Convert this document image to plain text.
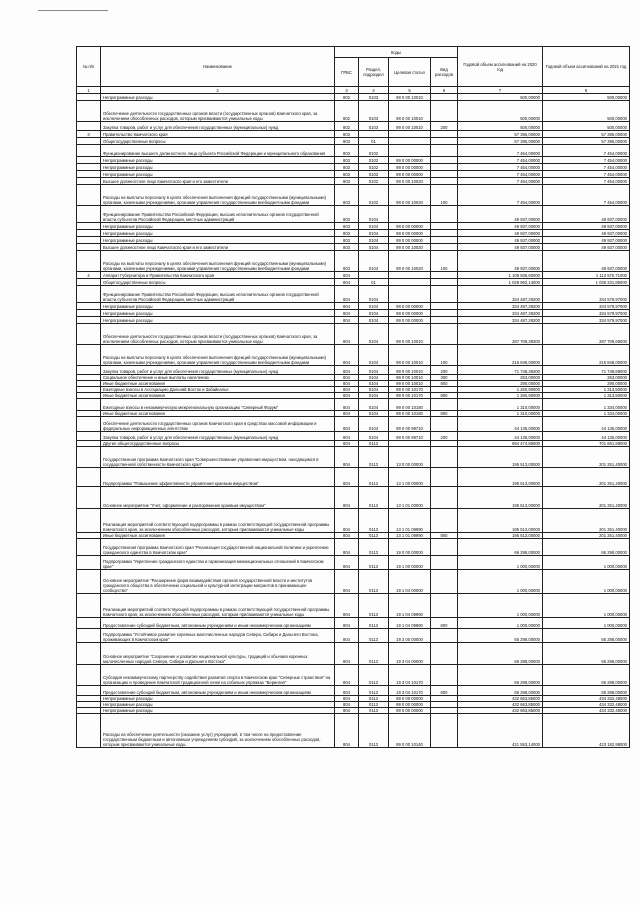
№ п/п	Наименование	Коды				Годовой объем ассигнований на 2020 год	Годовой объем ассигнований на 2021 год
		ГРБС	Раздел, подраздел	Целевая статья	Вид расходов		
1	2	3	4	5	6	7	8
	Непрограммные расходы	802	0103	99 0 00 10010		500,00000	500,00000
	Обеспечение деятельности государственных органов власти (государственных органов) Камчатского края, за исключением обособленных расходов, которым присваиваются уникальные коды	802	0103	99 0 00 10010		500,00000	500,00000
	Закупка товаров, работ и услуг для обеспечения государственных (муниципальных) нужд	802	0103	99 0 00 10010	200	500,00000	500,00000
3	Правительство Камчатского края	803				57 395,00000	57 395,00000
	Общегосударственные вопросы	803	01			57 395,00000	57 395,00000
	Функционирование высшего должностного лица субъекта Российской Федерации и муниципального образования	803	0102			7 454,00000	7 454,00000
	Непрограммные расходы	803	0102	99 0 00 00000		7 454,00000	7 454,00000
	Непрограммные расходы	803	0102	99 0 00 00000		7 454,00000	7 454,00000
	Непрограммные расходы	803	0102	99 0 00 00000		7 454,00000	7 454,00000
	Высшее должностное лицо Камчатского края и его заместители	803	0102	99 0 00 10020		7 454,00000	7 454,00000
	Расходы на выплаты персоналу в целях обеспечения выполнения функций государственными (муниципальными) органами, казенными учреждениями, органами управления государственными внебюджетными фондами	803	0102	99 0 00 10020	100	7 454,00000	7 454,00000
	Функционирование Правительства Российской Федерации, высших исполнительных органов государственной власти субъектов Российской Федерации, местных администраций	803	0104			49 937,00000	49 937,00000
	Непрограммные расходы	803	0104	99 0 00 00000		49 937,00000	49 937,00000
	Непрограммные расходы	803	0104	99 0 00 00000		49 937,00000	49 937,00000
	Непрограммные расходы	803	0104	99 0 00 00000		49 937,00000	49 937,00000
	Высшее должностное лицо Камчатского края и его заместители	803	0104	99 0 00 10020		49 937,00000	49 937,00000
	Расходы на выплаты персоналу в целях обеспечения выполнения функций государственными (муниципальными) органами, казенными учреждениями, органами управления государственными внебюджетными фондами	803	0104	99 0 00 10020	100	49 937,00000	49 937,00000
4	Аппарат Губернатора и Правительства Камчатского края	804				1 105 936,60000	1 113 570,71000
	Общегосударственные вопросы	804	01			1 028 962,14000	1 036 231,85000
	Функционирование Правительства Российской Федерации, высших исполнительных органов государственной власти субъектов Российской Федерации, местных администраций	804	0104			334 487,29200	334 579,97000
	Непрограммные расходы	804	0104	99 0 00 00000		334 487,29200	334 579,97000
	Непрограммные расходы	804	0104	99 0 00 00000		334 487,29200	334 579,97000
	Непрограммные расходы	804	0104	99 0 00 00000		334 487,29200	334 579,97000
	Обеспечение деятельности государственных органов власти (государственных органов) Камчатского края, за исключением обособленных расходов, которым присваиваются уникальные коды	804	0104	99 0 00 10010		287 709,38300	287 709,69000
	Расходы на выплаты персоналу в целях обеспечения выполнения функций государственными (муниципальными) органами, казенными учреждениями, органами управления государственными внебюджетными фондами	804	0104	99 0 00 10010	100	215 848,00000	215 848,00000
	Закупка товаров, работ и услуг для обеспечения государственных (муниципальных) нужд	804	0104	99 0 00 10010	200	71 748,38300	71 748,69000
	Социальное обеспечение и иные выплаты населению	804	0104	99 0 00 10010	300	253,00000	253,00000
	Иные бюджетные ассигнования	804	0104	99 0 00 10010	800	290,00000	290,00000
	Ежегодные взносы в Ассоциацию Дальний Восток и Забайкалье	804	0104	99 0 00 10170		1 260,90000	1 313,50000
	Иные бюджетные ассигнования	804	0104	99 0 00 10170	800	1 260,90000	1 313,50000
	Ежегодные взносы в некоммерческую межрегиональную организацию "Северный Форум"	804	0104	99 0 00 10180		1 310,00000	1 334,00000
	Иные бюджетные ассигнования	804	0104	99 0 00 10180	800	1 310,00000	1 334,00000
	Обеспечение деятельности государственных органов Камчатского края в средствах массовой информации и федеральных информационных агентствах	804	0104	99 0 00 99710		44 135,00000	44 135,00000
	Закупка товаров, работ и услуг для обеспечения государственных (муниципальных) нужд	804	0104	99 0 00 99710	200	44 135,00000	44 135,00000
	Другие общегосударственные вопросы	804	0113			694 474,85000	701 651,88000
	Государственная программа Камчатского края "Совершенствование управления имуществом, находящимся в государственной собственности Камчатского края"	804	0113	13 0 00 00000		195 513,00000	201 251,40000
	Подпрограмма "Повышение эффективности управления краевым имуществом"	804	0113	13 1 00 00000		195 513,00000	201 251,40000
	Основное мероприятие "Учет, оформление и распоряжение краевым имуществом"	804	0113	13 1 01 00000		195 513,00000	201 251,40000
	Реализация мероприятий соответствующей подпрограммы в рамках соответствующей государственной программы Камчатского края, за исключением обособленных расходов, которым присваиваются уникальные коды	804	0113	13 1 01 09990		195 513,00000	201 251,40000
	Иные бюджетные ассигнования	804	0113	13 1 01 09990	800	195 513,00000	201 251,40000
	Государственная программа Камчатского края "Реализация государственной национальной политики и укрепление гражданского единства в Камчатском крае"	804	0113	19 0 00 00000		66 298,00000	66 298,00000
	Подпрограмма "Укрепление гражданского единства и гармонизация межнациональных отношений в Камчатском крае"	804	0113	19 1 00 00000		1 000,00000	1 000,00000
	Основное мероприятие "Расширение форм взаимодействия органов государственной власти и институтов гражданского общества в обеспечении социальной и культурной интеграции мигрантов в принимающее сообщество"	804	0113	19 1 04 00000		1 000,00000	1 000,00000
	Реализация мероприятий соответствующей подпрограммы в рамках соответствующей государственной программы Камчатского края, за исключением обособленных расходов, которым присваиваются уникальные коды	804	0113	19 1 04 09990		1 000,00000	1 000,00000
	Предоставление субсидий бюджетным, автономным учреждениям и иным некоммерческим организациям	804	0113	19 1 04 09990	600	1 000,00000	1 000,00000
	Подпрограмма "Устойчивое развитие коренных малочисленных народов Севера, Сибири и Дальнего Востока, проживающих в Камчатском крае"	804	0113	19 3 00 00000		65 298,00000	65 298,00000
	Основное мероприятие "Сохранение и развитие национальной культуры, традиций и обычаев коренных малочисленных народов Севера, Сибири и Дальнего Востока"	804	0113	19 3 04 00000		65 298,00000	65 298,00000
	Субсидия некоммерческому партнерству содействия развития спорта в Камчатском крае "Северные странствия" на организацию и проведение Камчатской традиционной гонки на собачьих упряжках "Берингия"	804	0113	19 3 04 10170		65 298,00000	65 298,00000
	Предоставление субсидий бюджетным, автономным учреждениям и иным некоммерческим организациям	804	0113	19 3 04 10170	600	65 298,00000	65 298,00000
	Непрограммные расходы	804	0113	99 0 00 00000		432 663,85000	434 332,48000
	Непрограммные расходы	804	0113	99 0 00 00000		432 663,85000	434 332,48000
	Непрограммные расходы	804	0113	99 0 00 00000		432 663,85000	434 332,48000
	Расходы на обеспечение деятельности (оказание услуг) учреждений, в том числе на предоставление государственным бюджетным и автономным учреждениям субсидий, за исключением обособленных расходов, которым присваиваются уникальные коды	804	0113	99 0 00 10140		421 553,14000	423 182,98000
